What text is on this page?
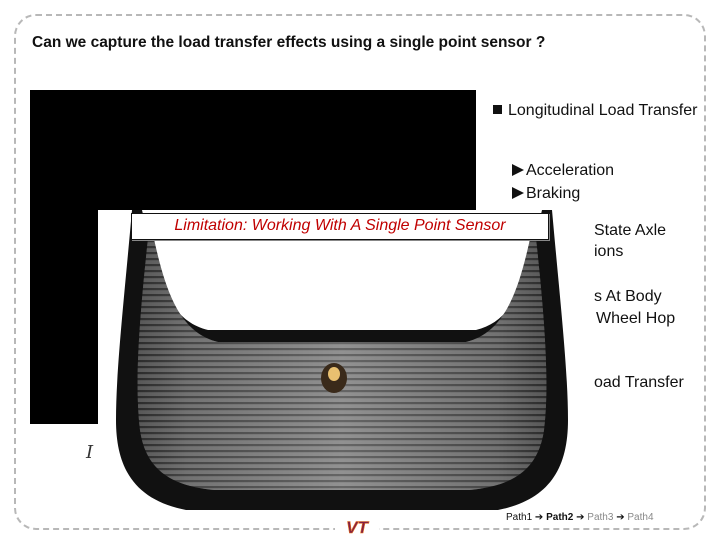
Can we capture the load transfer effects using a single point sensor ?
Longitudinal Load Transfer
Acceleration
Braking
State Axle
ions
s At Body
Wheel Hop
oad Transfer
I
Limitation: Working With A Single Point Sensor
Path1 ➔ Path2 ➔ Path3 ➔ Path4
VT
